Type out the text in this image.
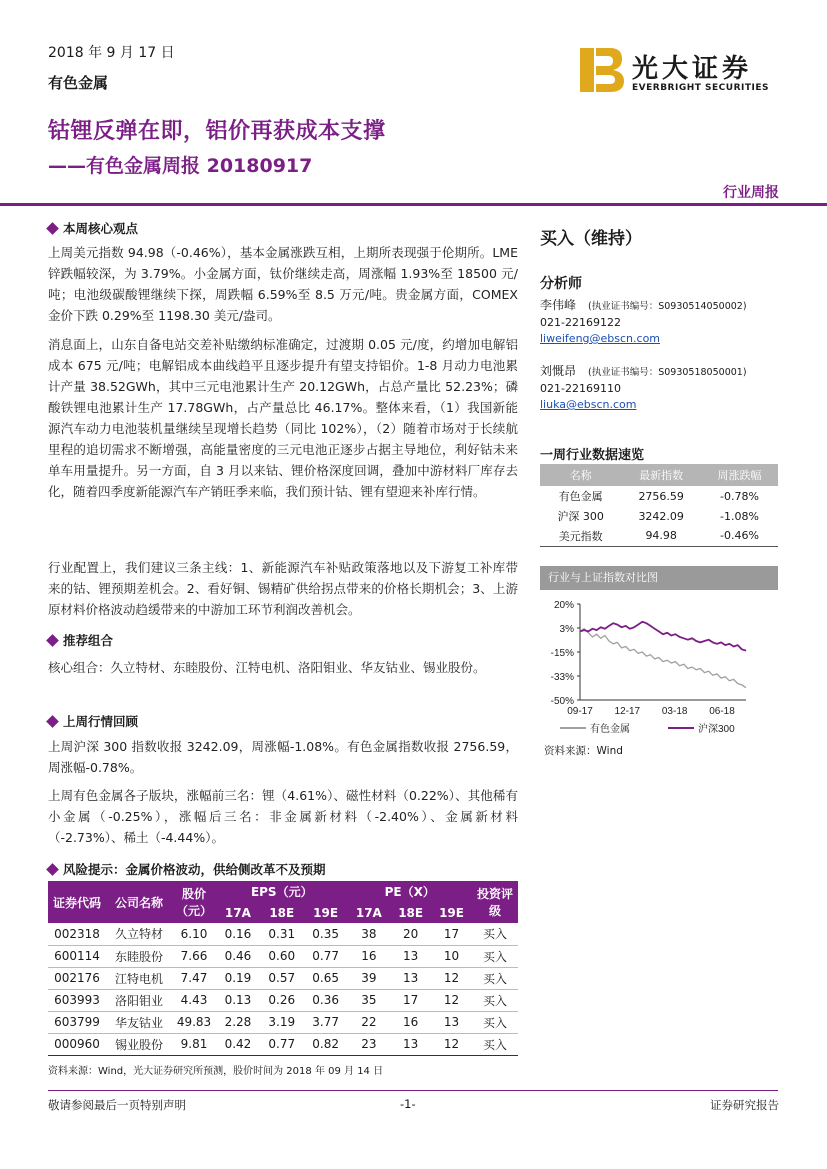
2018 年 9 月 17 日
有色金属	光大证券
EVERBRIGHT SECURITIES
钴锂反弹在即，铝价再获成本支撑
——有色金属周报 20180917
行业周报
本周核心观点
上周美元指数 94.98（-0.46%），基本金属涨跌互相，上期所表现强于伦期所。LME 锌跌幅较深，为 3.79%。小金属方面，钛价继续走高，周涨幅 1.93%至 18500 元/吨；电池级碳酸锂继续下探，周跌幅 6.59%至 8.5 万元/吨。贵金属方面，COMEX 金价下跌 0.29%至 1198.30 美元/盎司。
消息面上，山东自备电站交差补贴缴纳标准确定，过渡期 0.05 元/度，约增加电解铝成本 675 元/吨；电解铝成本曲线趋平且逐步提升有望支持铝价。1-8 月动力电池累计产量 38.52GWh，其中三元电池累计生产 20.12GWh，占总产量比 52.23%；磷酸铁锂电池累计生产 17.78GWh，占产量总比 46.17%。整体来看，（1）我国新能源汽车动力电池装机量继续呈现增长趋势（同比 102%），（2）随着市场对于长续航里程的追切需求不断增强，高能量密度的三元电池正逐步占据主导地位，利好钴未来单车用量提升。另一方面，自 3 月以来钴、锂价格深度回调，叠加中游材料厂库存去化，随着四季度新能源汽车产销旺季来临，我们预计钴、锂有望迎来补库行情。
行业配置上，我们建议三条主线：1、新能源汽车补贴政策落地以及下游复工补库带来的钴、锂预期差机会。2、看好铜、锡精矿供给拐点带来的价格长期机会；3、上游原材料价格波动趋缓带来的中游加工环节利润改善机会。
推荐组合
核心组合：久立特材、东睦股份、江特电机、洛阳钼业、华友钴业、锡业股份。
上周行情回顾
上周沪深 300 指数收报 3242.09，周涨幅-1.08%。有色金属指数收报 2756.59，周涨幅-0.78%。
上周有色金属各子版块，涨幅前三名：锂（4.61%）、磁性材料（0.22%）、其他稀有小金属（-0.25%），涨幅后三名：非金属新材料（-2.40%）、金属新材料（-2.73%）、稀土（-4.44%）。
风险提示：金属价格波动，供给侧改革不及预期
证券代码	公司名称	股价（元）	EPS（元）			PE（X）			投资评级
			17A	18E	19E	17A	18E	19E	
002318	久立特材	6.10	0.16	0.31	0.35	38	20	17	买入
600114	东睦股份	7.66	0.46	0.60	0.77	16	13	10	买入
002176	江特电机	7.47	0.19	0.57	0.65	39	13	12	买入
603993	洛阳钼业	4.43	0.13	0.26	0.36	35	17	12	买入
603799	华友钴业	49.83	2.28	3.19	3.77	22	16	13	买入
000960	锡业股份	9.81	0.42	0.77	0.82	23	13	12	买入
资料来源：Wind，光大证券研究所预测，股价时间为 2018 年 09 月 14 日
买入（维持）
分析师
李伟峰 (执业证书编号：S0930514050002)
021-22169122
liweifeng@ebscn.com
刘慨昂 (执业证书编号：S0930518050001)
021-22169110
liuka@ebscn.com
一周行业数据速览
名称	最新指数	周涨跌幅
有色金属	2756.59	-0.78%
沪深 300	3242.09	-1.08%
美元指数	94.98	-0.46%
行业与上证指数对比图
20%
3%
-15%
-33%
-50%
09-17 12-17 03-18 06-18
有色金属	沪深300
资料来源：Wind
敬请参阅最后一页特别声明	-1-	证券研究报告
